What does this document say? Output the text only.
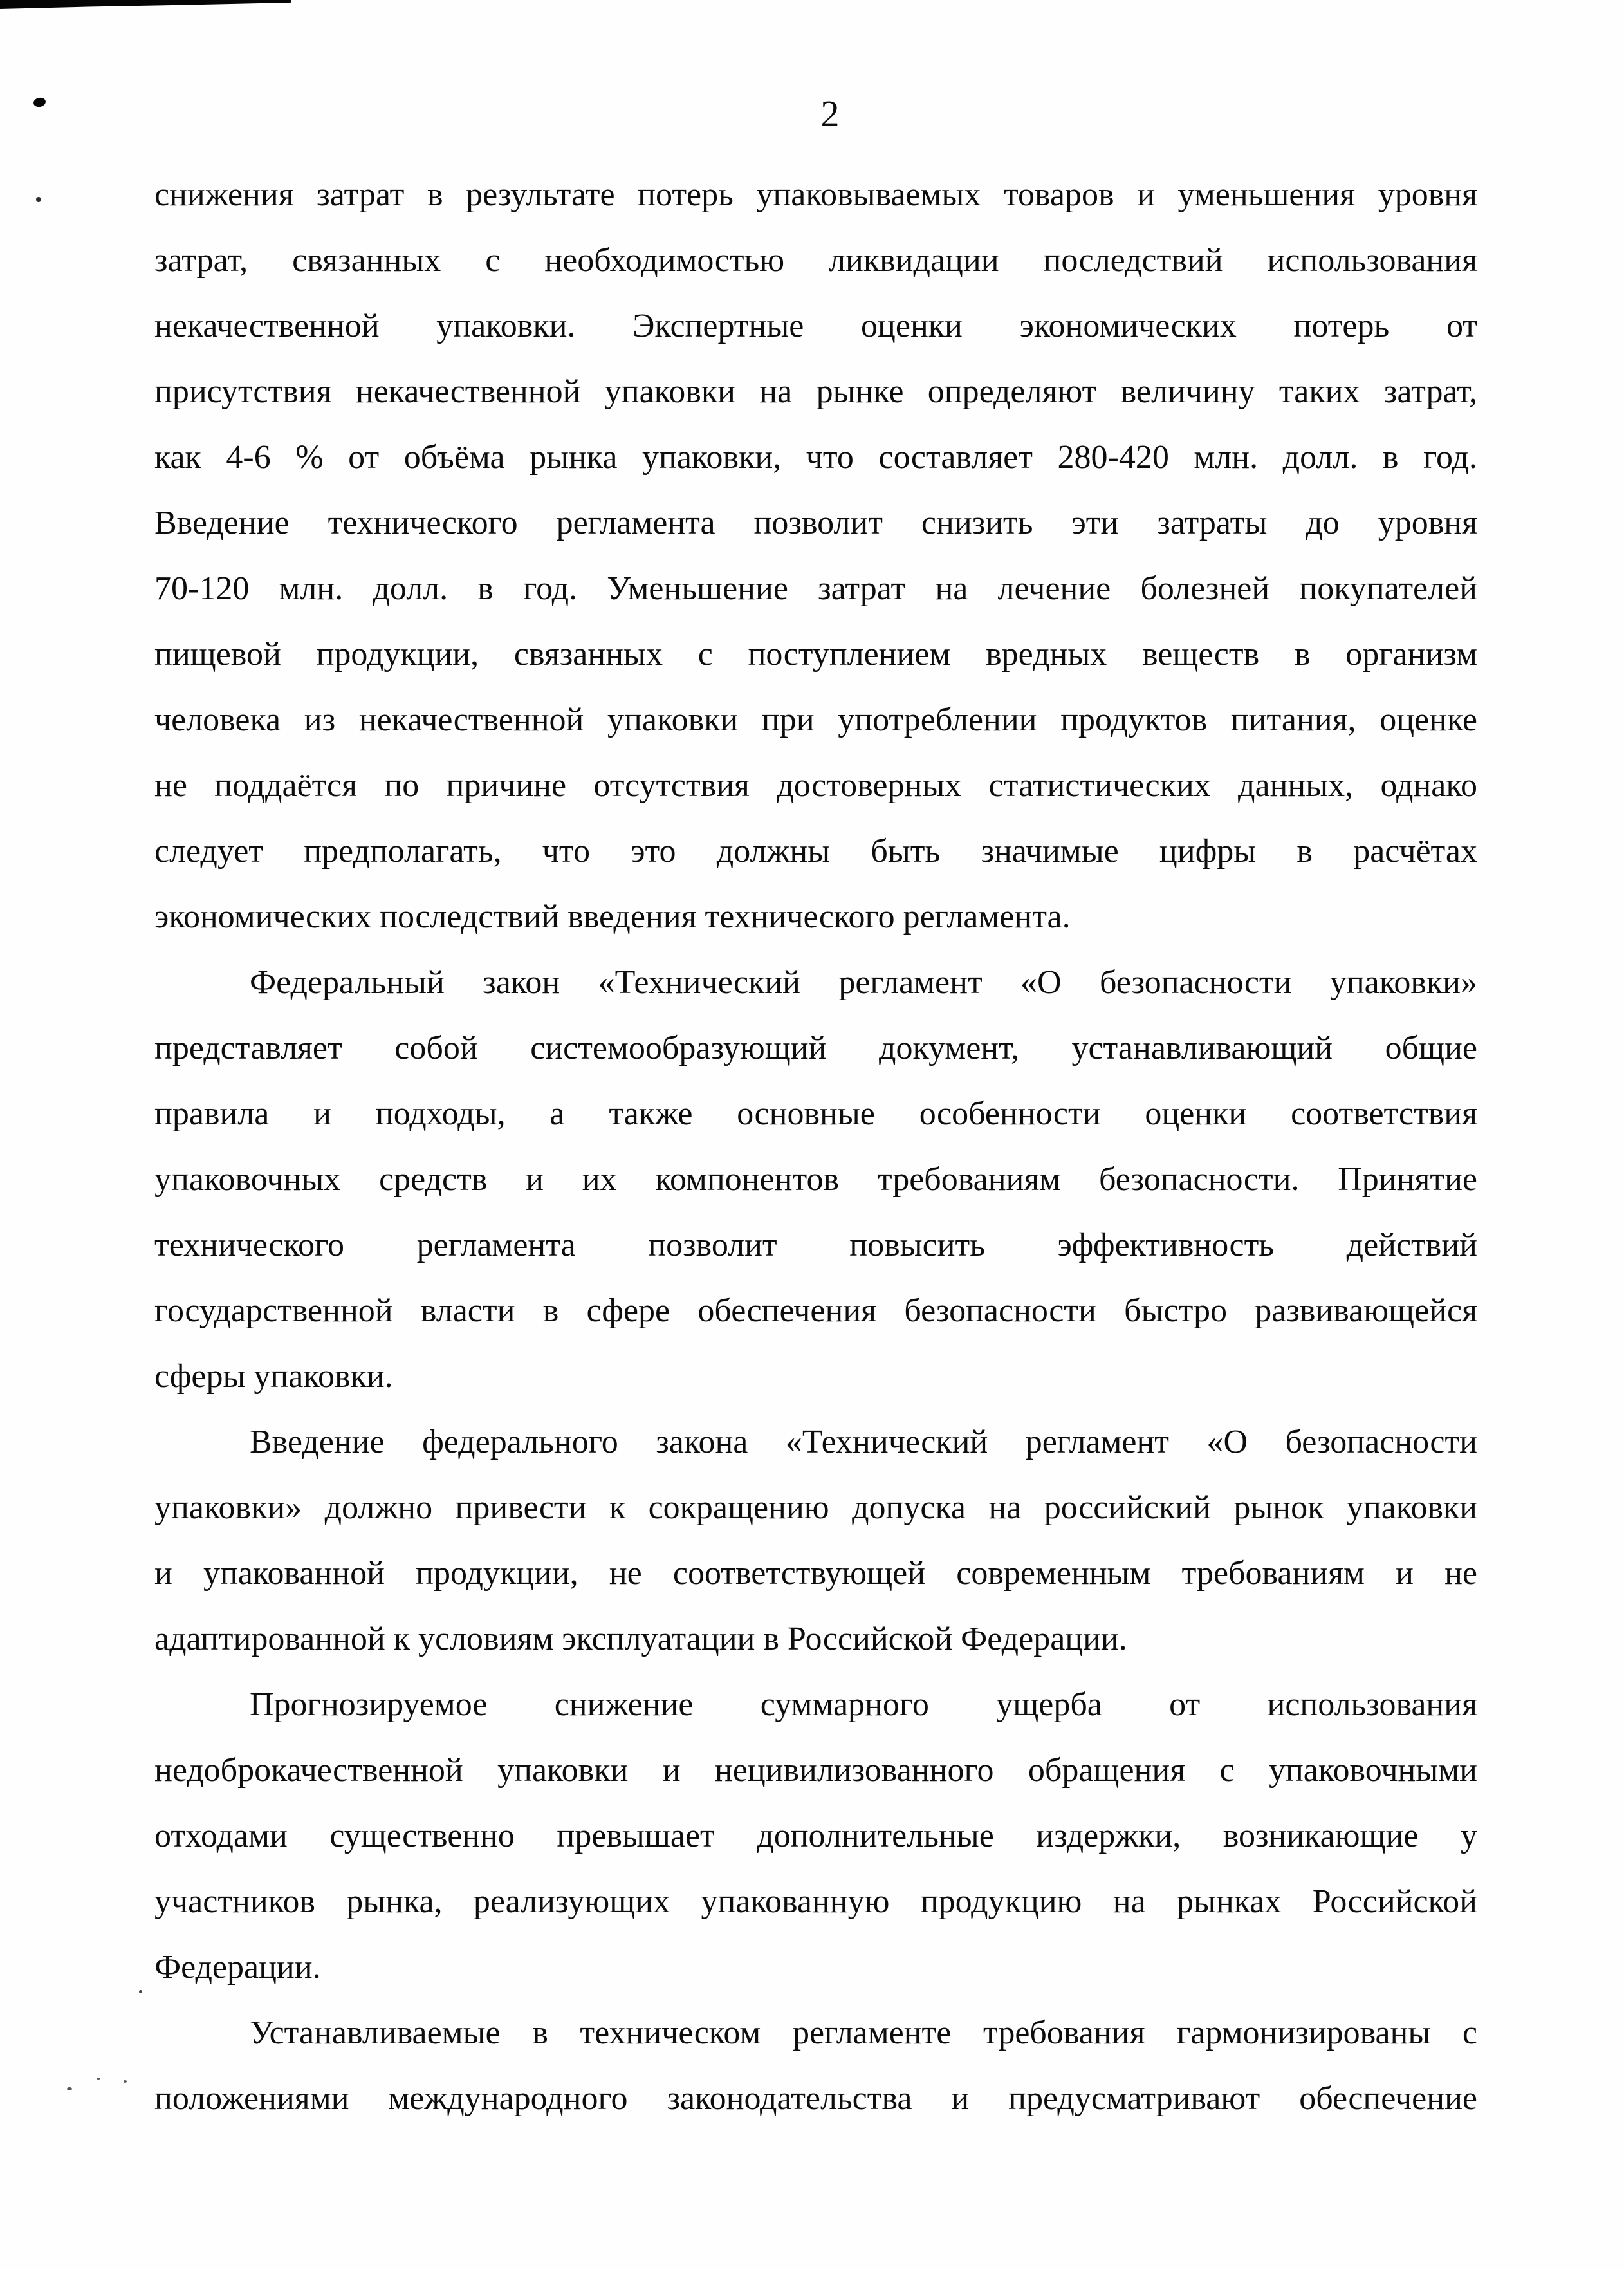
2

снижения затрат в результате потерь упаковываемых товаров и уменьшения уровня
затрат, связанных с необходимостью ликвидации последствий использования
некачественной упаковки. Экспертные оценки экономических потерь от
присутствия некачественной упаковки на рынке определяют величину таких затрат,
как 4-6 % от объёма рынка упаковки, что составляет 280-420 млн. долл. в год.
Введение технического регламента позволит снизить эти затраты до уровня
70-120 млн. долл. в год. Уменьшение затрат на лечение болезней покупателей
пищевой продукции, связанных с поступлением вредных веществ в организм
человека из некачественной упаковки при употреблении продуктов питания, оценке
не поддаётся по причине отсутствия достоверных статистических данных, однако
следует предполагать, что это должны быть значимые цифры в расчётах
экономических последствий введения технического регламента.

Федеральный закон «Технический регламент «О безопасности упаковки»
представляет собой системообразующий документ, устанавливающий общие
правила и подходы, а также основные особенности оценки соответствия
упаковочных средств и их компонентов требованиям безопасности. Принятие
технического регламента позволит повысить эффективность действий
государственной власти в сфере обеспечения безопасности быстро развивающейся
сферы упаковки.

Введение федерального закона «Технический регламент «О безопасности
упаковки» должно привести к сокращению допуска на российский рынок упаковки
и упакованной продукции, не соответствующей современным требованиям и не
адаптированной к условиям эксплуатации в Российской Федерации.

Прогнозируемое снижение суммарного ущерба от использования
недоброкачественной упаковки и нецивилизованного обращения с упаковочными
отходами существенно превышает дополнительные издержки, возникающие у
участников рынка, реализующих упакованную продукцию на рынках Российской
Федерации.

Устанавливаемые в техническом регламенте требования гармонизированы с
положениями международного законодательства и предусматривают обеспечение
